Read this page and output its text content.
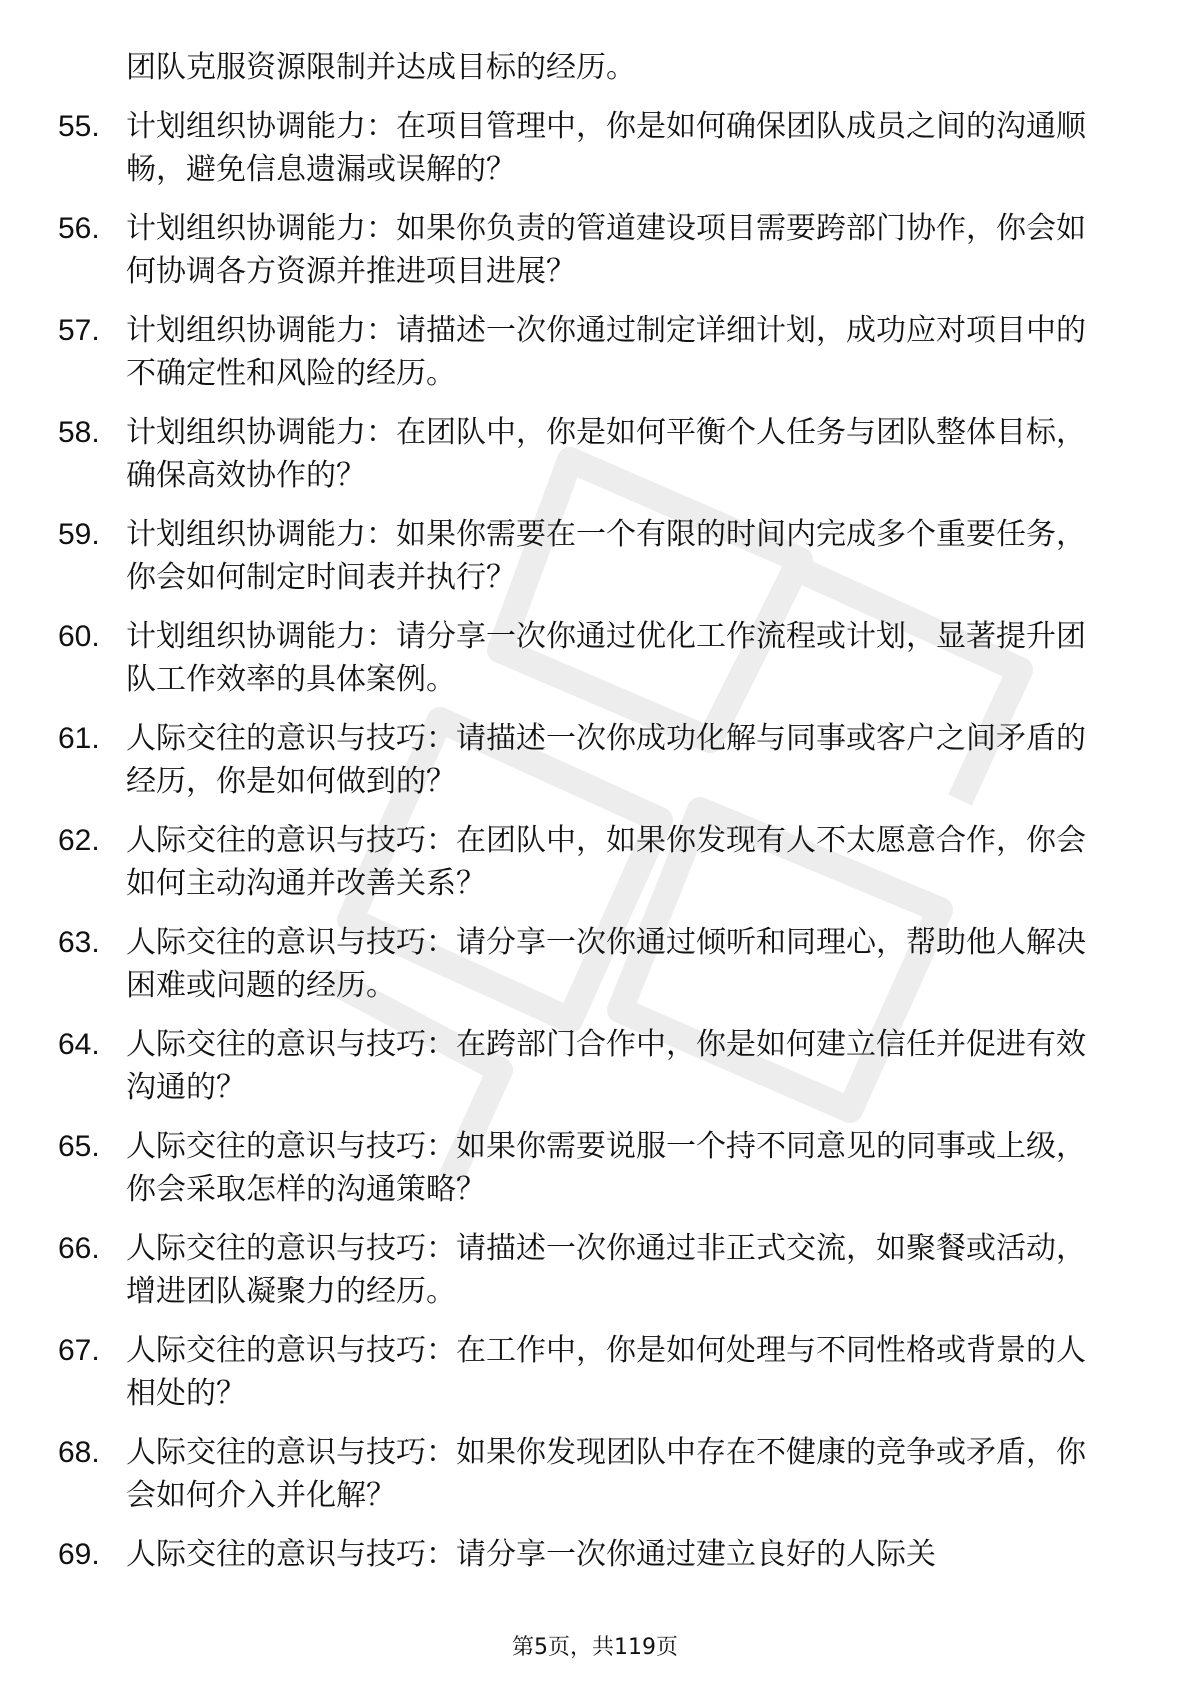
团队克服资源限制并达成目标的经历。
55. 计划组织协调能力：在项目管理中，你是如何确保团队成员之间的沟通顺畅，避免信息遗漏或误解的？
56. 计划组织协调能力：如果你负责的管道建设项目需要跨部门协作，你会如何协调各方资源并推进项目进展？
57. 计划组织协调能力：请描述一次你通过制定详细计划，成功应对项目中的不确定性和风险的经历。
58. 计划组织协调能力：在团队中，你是如何平衡个人任务与团队整体目标，确保高效协作的？
59. 计划组织协调能力：如果你需要在一个有限的时间内完成多个重要任务，你会如何制定时间表并执行？
60. 计划组织协调能力：请分享一次你通过优化工作流程或计划，显著提升团队工作效率的具体案例。
61. 人际交往的意识与技巧：请描述一次你成功化解与同事或客户之间矛盾的经历，你是如何做到的？
62. 人际交往的意识与技巧：在团队中，如果你发现有人不太愿意合作，你会如何主动沟通并改善关系？
63. 人际交往的意识与技巧：请分享一次你通过倾听和同理心，帮助他人解决困难或问题的经历。
64. 人际交往的意识与技巧：在跨部门合作中，你是如何建立信任并促进有效沟通的？
65. 人际交往的意识与技巧：如果你需要说服一个持不同意见的同事或上级，你会采取怎样的沟通策略？
66. 人际交往的意识与技巧：请描述一次你通过非正式交流，如聚餐或活动，增进团队凝聚力的经历。
67. 人际交往的意识与技巧：在工作中，你是如何处理与不同性格或背景的人相处的？
68. 人际交往的意识与技巧：如果你发现团队中存在不健康的竞争或矛盾，你会如何介入并化解？
69. 人际交往的意识与技巧：请分享一次你通过建立良好的人际关
第5页，共119页
